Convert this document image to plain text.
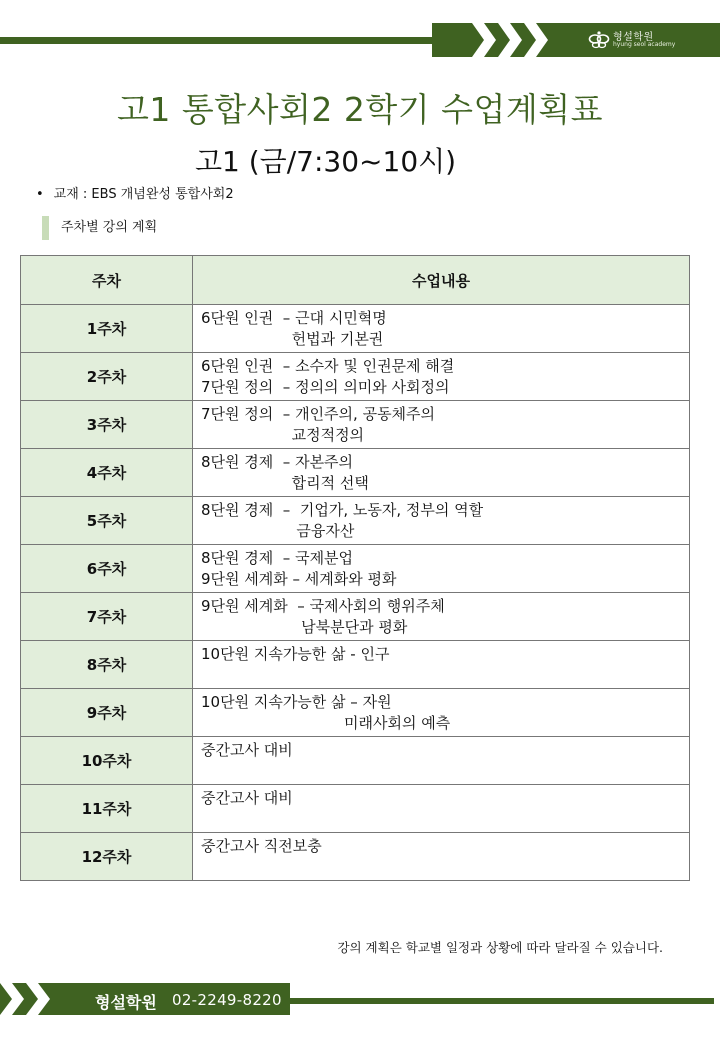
형설학원
hyung seol academy
고1 통합사회2 2학기 수업계획표
고1 (금/7:30~10시)
• 교재 : EBS 개념완성 통합사회2
주차별 강의 계획
주차	수업내용
1주차	6단원 인권  – 근대 시민혁명
헌법과 기본권
2주차	6단원 인권  – 소수자 및 인권문제 해결
7단원 정의  – 정의의 의미와 사회정의
3주차	7단원 정의  – 개인주의, 공동체주의
교정적정의
4주차	8단원 경제  – 자본주의
합리적 선택
5주차	8단원 경제  –  기업가, 노동자, 정부의 역할
금융자산
6주차	8단원 경제  – 국제분업
9단원 세계화 – 세계화와 평화
7주차	9단원 세계화  – 국제사회의 행위주체
남북분단과 평화
8주차	10단원 지속가능한 삶 - 인구
9주차	10단원 지속가능한 삶 – 자원
미래사회의 예측
10주차	중간고사 대비
11주차	중간고사 대비
12주차	중간고사 직전보충
강의 계획은 학교별 일정과 상황에 따라 달라질 수 있습니다.
형설학원 02-2249-8220
